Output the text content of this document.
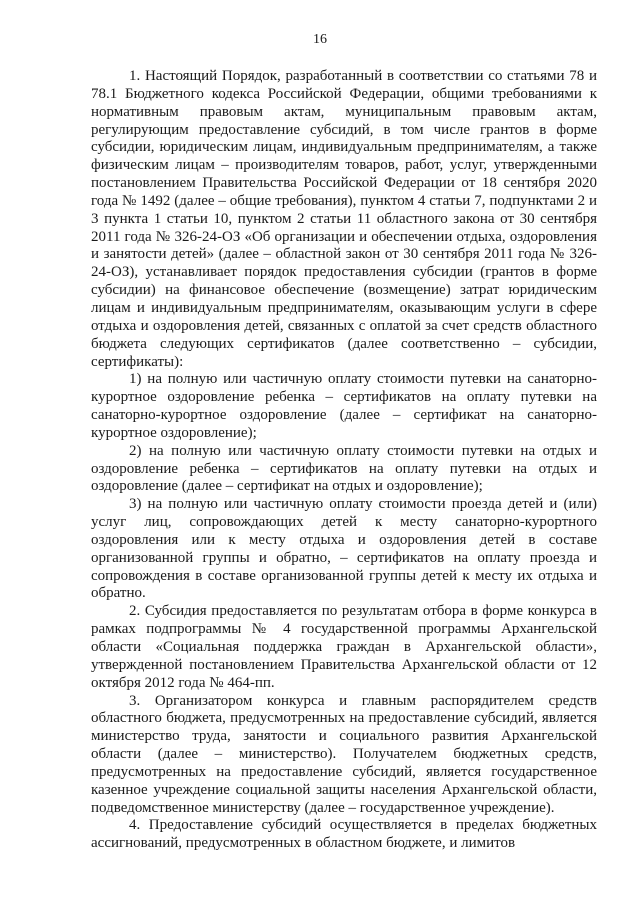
16

1. Настоящий Порядок, разработанный в соответствии со статьями 78 и 78.1 Бюджетного кодекса Российской Федерации, общими требованиями к нормативным правовым актам, муниципальным правовым актам, регулирующим предоставление субсидий, в том числе грантов в форме субсидии, юридическим лицам, индивидуальным предпринимателям, а также физическим лицам – производителям товаров, работ, услуг, утвержденными постановлением Правительства Российской Федерации от 18 сентября 2020 года № 1492 (далее – общие требования), пунктом 4 статьи 7, подпунктами 2 и 3 пункта 1 статьи 10, пунктом 2 статьи 11 областного закона от 30 сентября 2011 года № 326-24-ОЗ «Об организации и обеспечении отдыха, оздоровления и занятости детей» (далее – областной закон от 30 сентября 2011 года № 326-24-ОЗ), устанавливает порядок предоставления субсидии (грантов в форме субсидии) на финансовое обеспечение (возмещение) затрат юридическим лицам и индивидуальным предпринимателям, оказывающим услуги в сфере отдыха и оздоровления детей, связанных с оплатой за счет средств областного бюджета следующих сертификатов (далее соответственно – субсидии, сертификаты):

1) на полную или частичную оплату стоимости путевки на санаторно-курортное оздоровление ребенка – сертификатов на оплату путевки на санаторно-курортное оздоровление (далее – сертификат на санаторно-курортное оздоровление);

2) на полную или частичную оплату стоимости путевки на отдых и оздоровление ребенка – сертификатов на оплату путевки на отдых и оздоровление (далее – сертификат на отдых и оздоровление);

3) на полную или частичную оплату стоимости проезда детей и (или) услуг лиц, сопровождающих детей к месту санаторно-курортного оздоровления или к месту отдыха и оздоровления детей в составе организованной группы и обратно, – сертификатов на оплату проезда и сопровождения в составе организованной группы детей к месту их отдыха и обратно.

2. Субсидия предоставляется по результатам отбора в форме конкурса в рамках подпрограммы № 4 государственной программы Архангельской области «Социальная поддержка граждан в Архангельской области», утвержденной постановлением Правительства Архангельской области от 12 октября 2012 года № 464-пп.

3. Организатором конкурса и главным распорядителем средств областного бюджета, предусмотренных на предоставление субсидий, является министерство труда, занятости и социального развития Архангельской области (далее – министерство). Получателем бюджетных средств, предусмотренных на предоставление субсидий, является государственное казенное учреждение социальной защиты населения Архангельской области, подведомственное министерству (далее – государственное учреждение).

4. Предоставление субсидий осуществляется в пределах бюджетных ассигнований, предусмотренных в областном бюджете, и лимитов
